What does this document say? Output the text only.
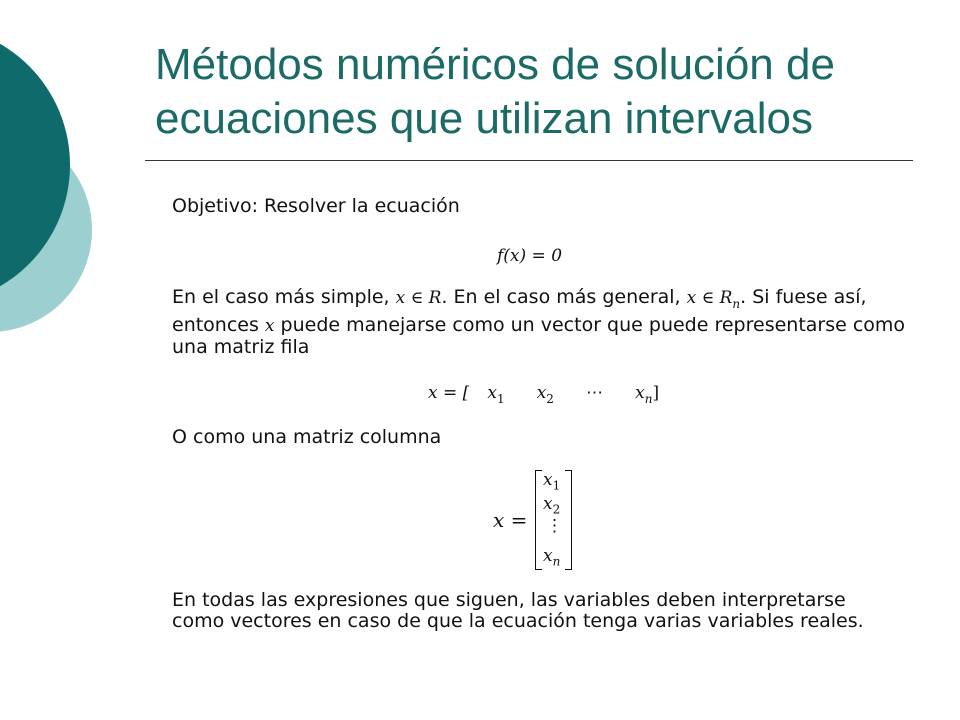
Métodos numéricos de solución de
ecuaciones que utilizan intervalos

Objetivo: Resolver la ecuación

f(x) = 0

En el caso más simple, x ∈ R. En el caso más general, x ∈ $R_n$. Si fuese así, entonces x puede manejarse como un vector que puede representarse como una matriz fila

x = [ $x_1$ $x_2$ ⋯ $x_n$]

O como una matriz columna

x =
$x_1$
$x_2$
⋮
$x_n$

En todas las expresiones que siguen, las variables deben interpretarse como vectores en caso de que la ecuación tenga varias variables reales.
